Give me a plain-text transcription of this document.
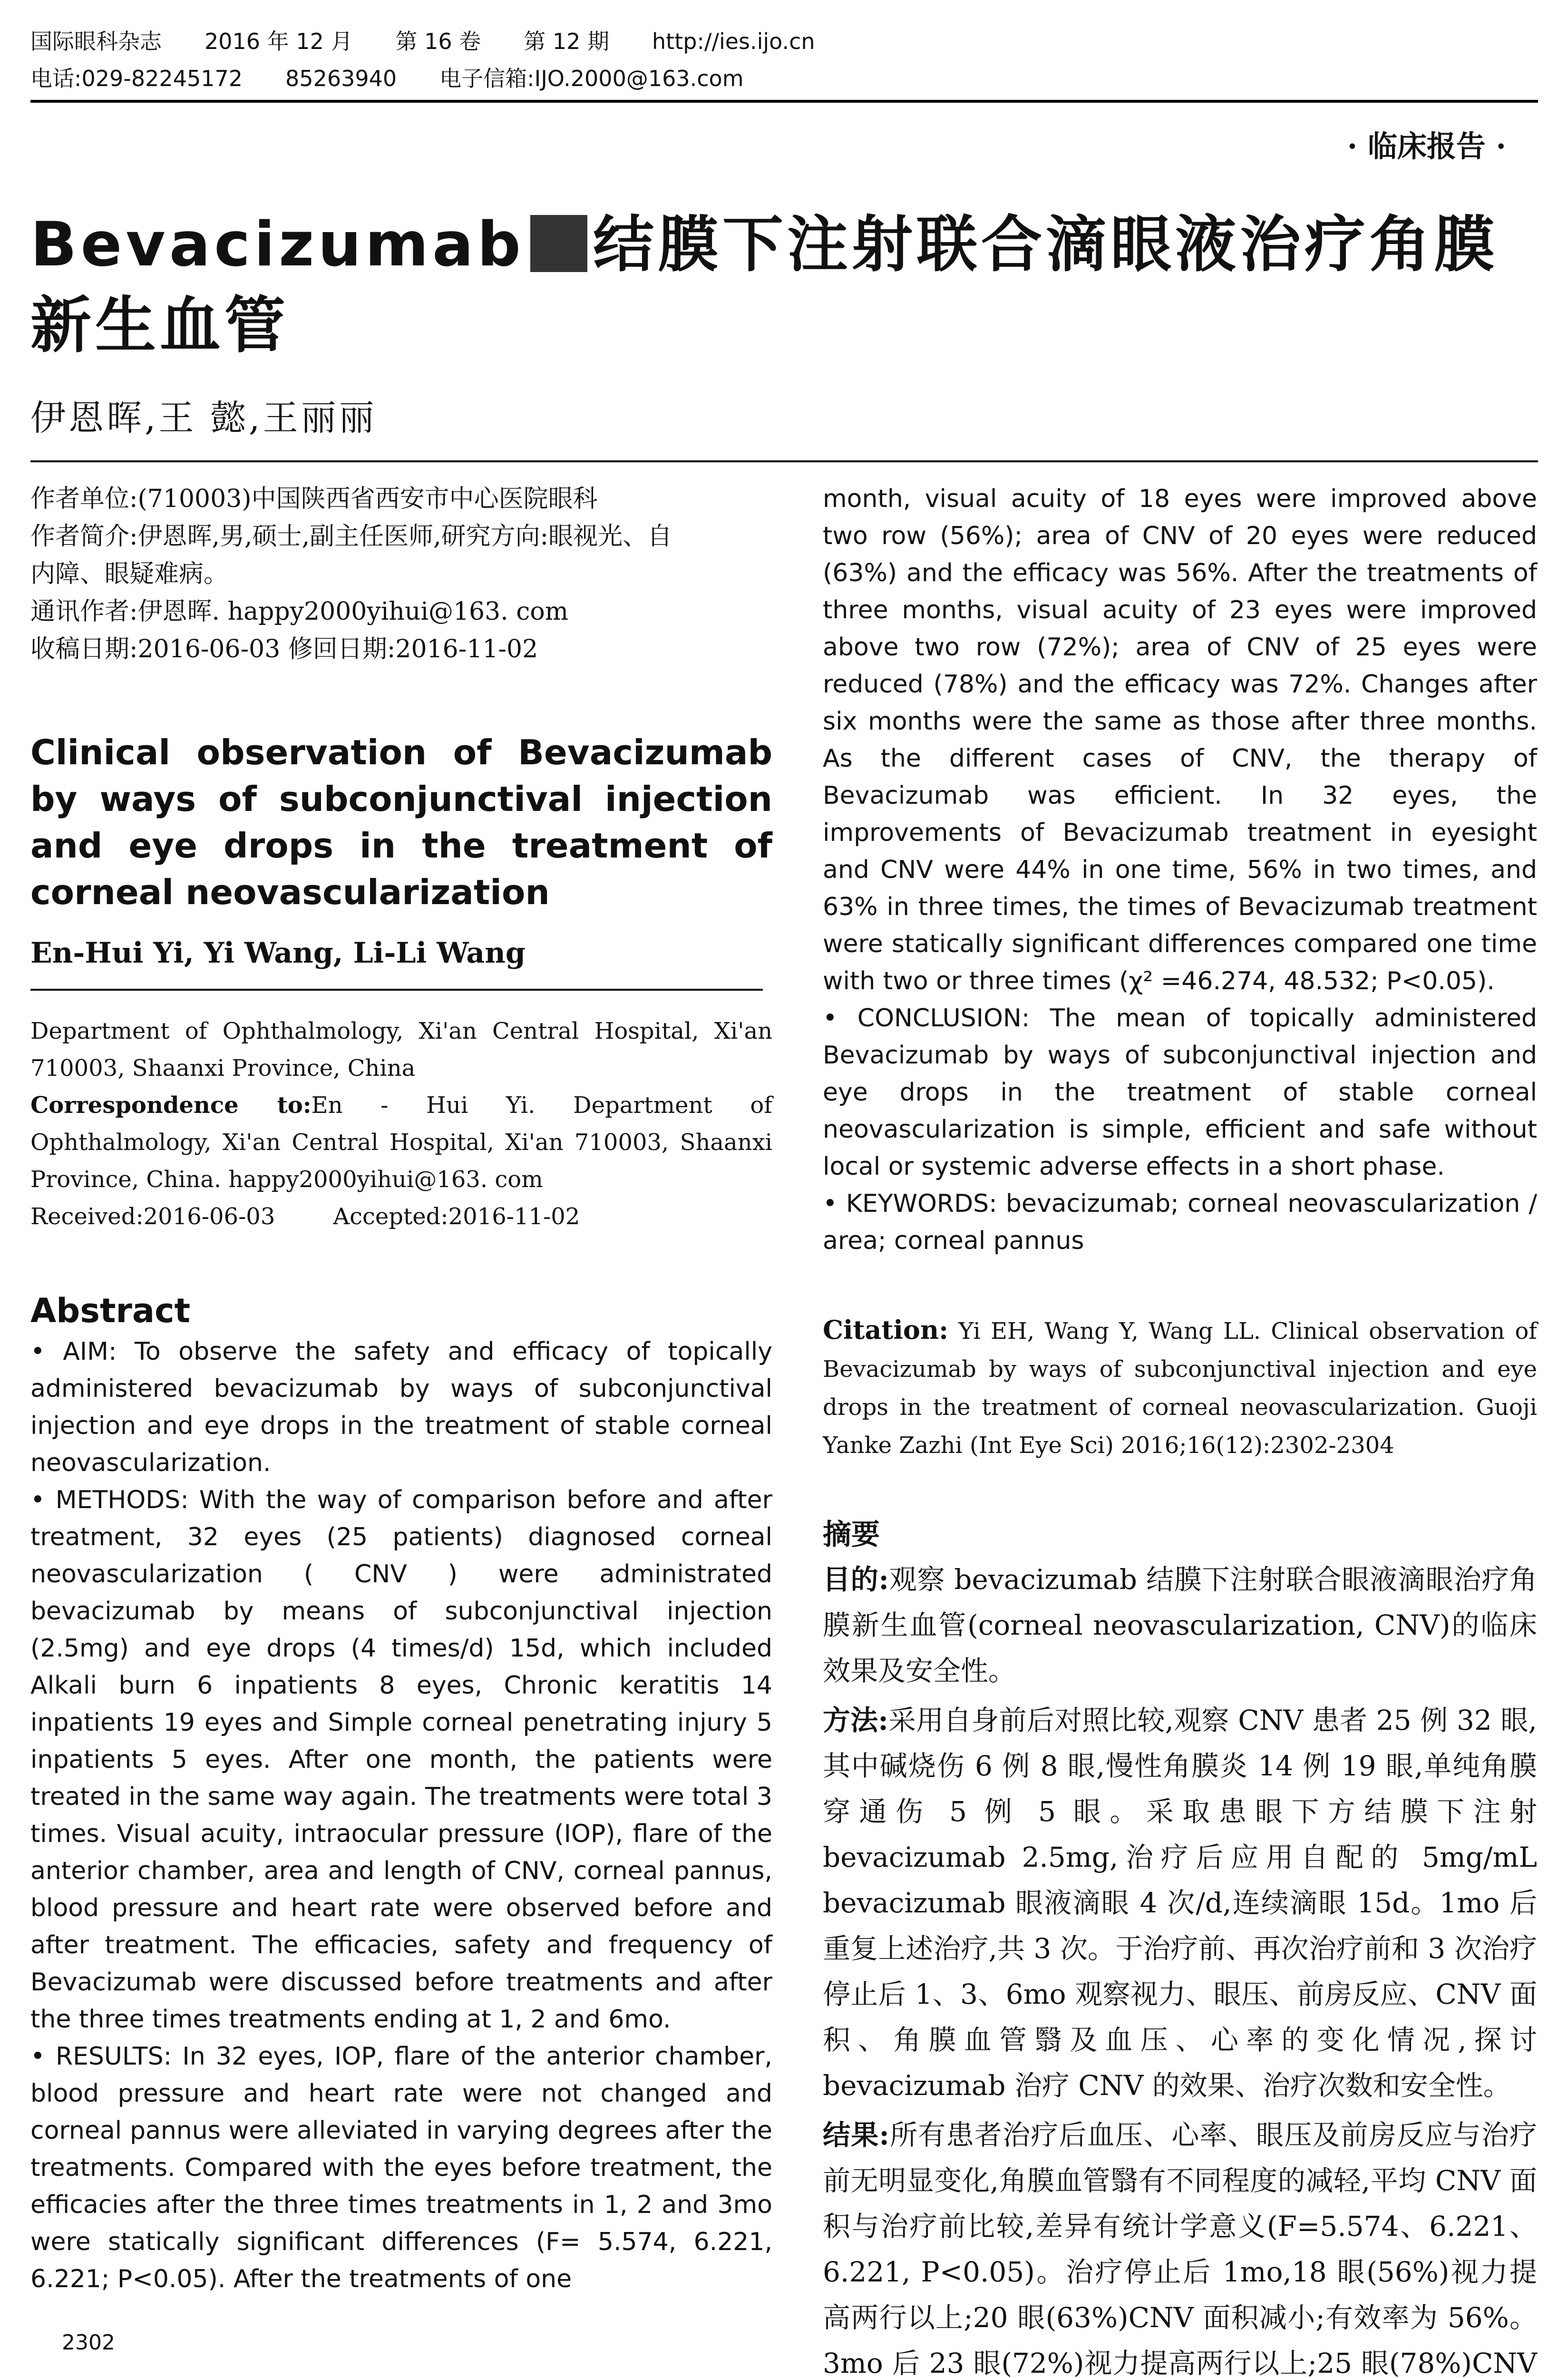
国际眼科杂志 2016 年 12 月 第 16 卷 第 12 期 http://ies.ijo.cn
电话:029-82245172 85263940 电子信箱:IJO.2000@163.com
· 临床报告 ·
Bevacizumab 结膜下注射联合滴眼液治疗角膜新生血管
伊恩晖,王 懿,王丽丽

作者单位:(710003)中国陕西省西安市中心医院眼科

作者简介:伊恩晖,男,硕士,副主任医师,研究方向:眼视光、自

内障、眼疑难病。

通讯作者:伊恩晖. happy2000yihui@163. com

收稿日期:2016-06-03 修回日期:2016-11-02

Clinical observation of Bevacizumab by ways of subconjunctival injection and eye drops in the treatment of corneal neovascularization
En-Hui Yi, Yi Wang, Li-Li Wang

Department of Ophthalmology, Xi'an Central Hospital, Xi'an 710003, Shaanxi Province, China

Correspondence to:En - Hui Yi. Department of Ophthalmology, Xi'an Central Hospital, Xi'an 710003, Shaanxi Province, China. happy2000yihui@163. com

Received:2016-06-03	Accepted:2016-11-02

Abstract

• AIM: To observe the safety and efficacy of topically administered bevacizumab by ways of subconjunctival injection and eye drops in the treatment of stable corneal neovascularization.

• METHODS: With the way of comparison before and after treatment, 32 eyes (25 patients) diagnosed corneal neovascularization ( CNV ) were administrated bevacizumab by means of subconjunctival injection (2.5mg) and eye drops (4 times/d) 15d, which included Alkali burn 6 inpatients 8 eyes, Chronic keratitis 14 inpatients 19 eyes and Simple corneal penetrating injury 5 inpatients 5 eyes. After one month, the patients were treated in the same way again. The treatments were total 3 times. Visual acuity, intraocular pressure (IOP), flare of the anterior chamber, area and length of CNV, corneal pannus, blood pressure and heart rate were observed before and after treatment. The efficacies, safety and frequency of Bevacizumab were discussed before treatments and after the three times treatments ending at 1, 2 and 6mo.

• RESULTS: In 32 eyes, IOP, flare of the anterior chamber, blood pressure and heart rate were not changed and corneal pannus were alleviated in varying degrees after the treatments. Compared with the eyes before treatment, the efficacies after the three times treatments in 1, 2 and 3mo were statically significant differences (F= 5.574, 6.221, 6.221; P<0.05). After the treatments of one

month, visual acuity of 18 eyes were improved above two row (56%); area of CNV of 20 eyes were reduced (63%) and the efficacy was 56%. After the treatments of three months, visual acuity of 23 eyes were improved above two row (72%); area of CNV of 25 eyes were reduced (78%) and the efficacy was 72%. Changes after six months were the same as those after three months. As the different cases of CNV, the therapy of Bevacizumab was efficient. In 32 eyes, the improvements of Bevacizumab treatment in eyesight and CNV were 44% in one time, 56% in two times, and 63% in three times, the times of Bevacizumab treatment were statically significant differences compared one time with two or three times (χ² =46.274, 48.532; P<0.05).

• CONCLUSION: The mean of topically administered Bevacizumab by ways of subconjunctival injection and eye drops in the treatment of stable corneal neovascularization is simple, efficient and safe without local or systemic adverse effects in a short phase.

• KEYWORDS: bevacizumab; corneal neovascularization / area; corneal pannus

Citation: Yi EH, Wang Y, Wang LL. Clinical observation of Bevacizumab by ways of subconjunctival injection and eye drops in the treatment of corneal neovascularization. Guoji Yanke Zazhi (Int Eye Sci) 2016;16(12):2302-2304
摘要

目的:观察 bevacizumab 结膜下注射联合眼液滴眼治疗角膜新生血管(corneal neovascularization, CNV)的临床效果及安全性。

方法:采用自身前后对照比较,观察 CNV 患者 25 例 32 眼,其中碱烧伤 6 例 8 眼,慢性角膜炎 14 例 19 眼,单纯角膜穿通伤 5 例 5 眼。采取患眼下方结膜下注射 bevacizumab 2.5mg,治疗后应用自配的 5mg/mL bevacizumab 眼液滴眼 4 次/d,连续滴眼 15d。1mo 后重复上述治疗,共 3 次。于治疗前、再次治疗前和 3 次治疗停止后 1、3、6mo 观察视力、眼压、前房反应、CNV 面积、角膜血管翳及血压、心率的变化情况,探讨 bevacizumab 治疗 CNV 的效果、治疗次数和安全性。

结果:所有患者治疗后血压、心率、眼压及前房反应与治疗前无明显变化,角膜血管翳有不同程度的减轻,平均 CNV 面积与治疗前比较,差异有统计学意义(F=5.574、6.221、6.221, P<0.05)。治疗停止后 1mo,18 眼(56%)视力提高两行以上;20 眼(63%)CNV 面积减小;有效率为 56%。3mo 后 23 眼(72%)视力提高两行以上;25 眼(78%)CNV

2302
